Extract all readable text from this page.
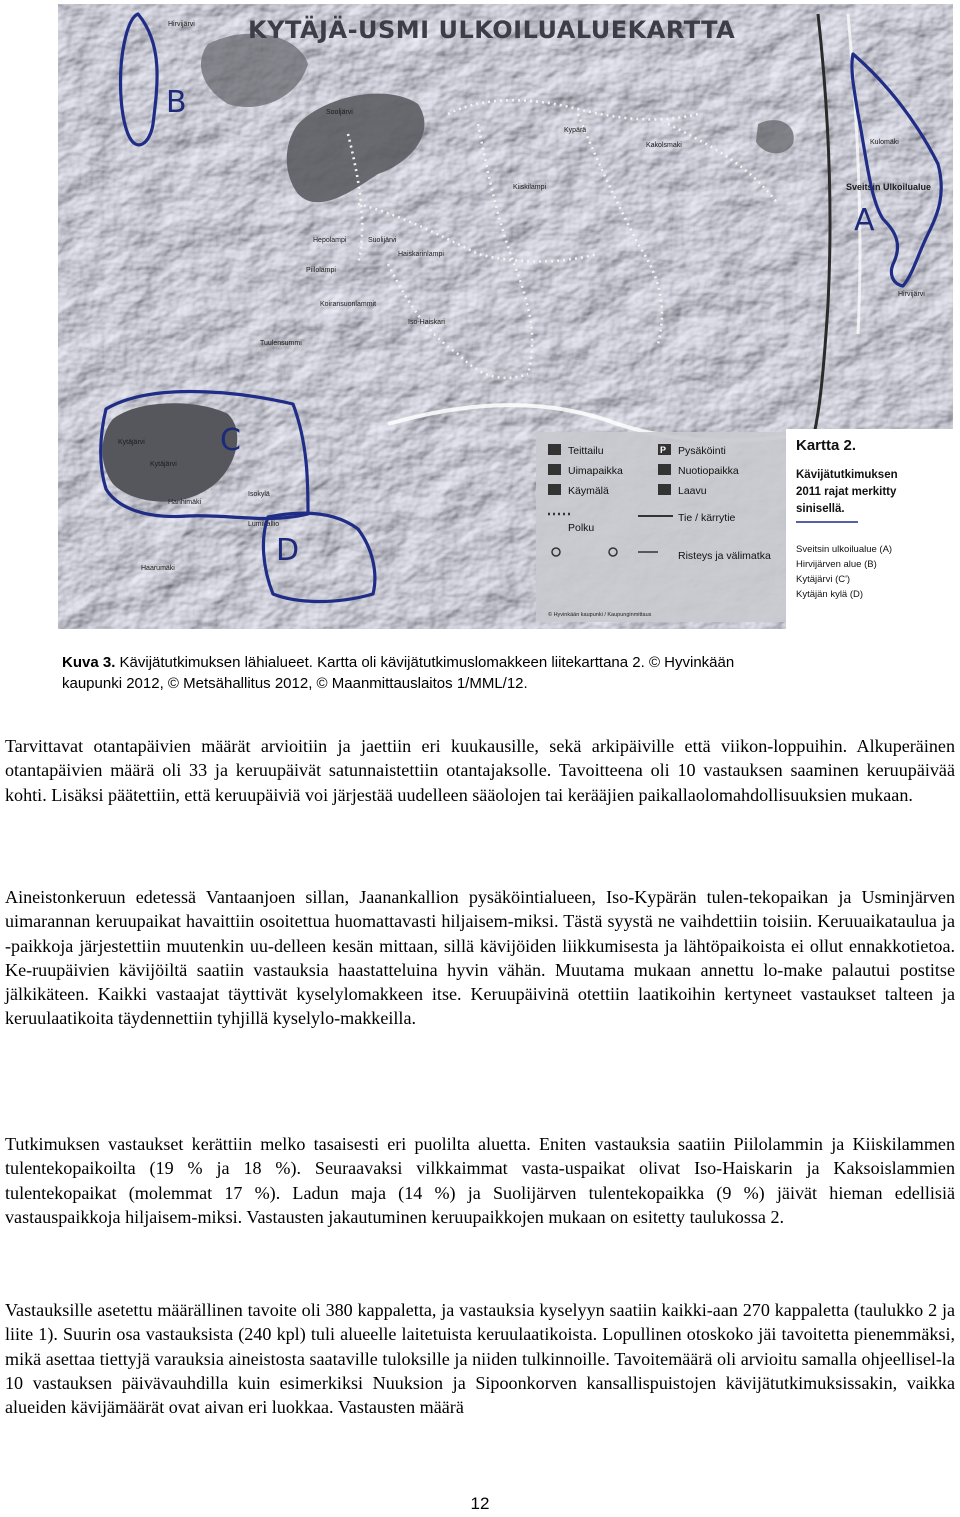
KYTÄJÄ-USMI ULKOILUALUEKARTTA
Hirvijärvi
Sooljärvi
Kytäjärvi
Hirvijärvi
Kulomäki
Suolijärvi
Hepolampi
Haiskarinlampi
Iso-Haiskari
Kiiskilampi
Piilolampi
Koiransuonlammit
Tuulensummi
Kytäjärvi
Isokylä
Hanhimäki
Lumikallio
Haarumäki
Kypärä
Kakolsmaki
Sveitsin Ulkoilualue
B
A
C
D
Teittailu	P Pysäköinti
Uimapaikka	Nuotiopaikka
Käymälä	Laavu
Polku
Tie / kärrytie
Risteys ja välimatka
© Hyvinkään kaupunki / Kaupunginmittaus
Kartta 2.
Kävijätutkimuksen
2011 rajat merkitty
sinisellä.
Sveitsin ulkoilualue (A)
Hirvijärven alue (B)
Kytäjärvi (C')
Kytäjän kylä (D)
Kuva 3. Kävijätutkimuksen lähialueet. Kartta oli kävijätutkimuslomakkeen liitekarttana 2. © Hyvinkään
kaupunki 2012, © Metsähallitus 2012, © Maanmittauslaitos 1/MML/12.

Tarvittavat otantapäivien määrät arvioitiin ja jaettiin eri kuukausille, sekä arkipäiville että viikon-loppuihin. Alkuperäinen otantapäivien määrä oli 33 ja keruupäivät satunnaistettiin otantajaksolle. Tavoitteena oli 10 vastauksen saaminen keruupäivää kohti. Lisäksi päätettiin, että keruupäiviä voi järjestää uudelleen sääolojen tai kerääjien paikallaolomahdollisuuksien mukaan.

Aineistonkeruun edetessä Vantaanjoen sillan, Jaanankallion pysäköintialueen, Iso-Kypärän tulen-tekopaikan ja Usminjärven uimarannan keruupaikat havaittiin osoitettua huomattavasti hiljaisem-miksi. Tästä syystä ne vaihdettiin toisiin. Keruuaikataulua ja -paikkoja järjestettiin muutenkin uu-delleen kesän mittaan, sillä kävijöiden liikkumisesta ja lähtöpaikoista ei ollut ennakkotietoa. Ke-ruupäivien kävijöiltä saatiin vastauksia haastatteluina hyvin vähän. Muutama mukaan annettu lo-make palautui postitse jälkikäteen. Kaikki vastaajat täyttivät kyselylomakkeen itse. Keruupäivinä otettiin laatikoihin kertyneet vastaukset talteen ja keruulaatikoita täydennettiin tyhjillä kyselylo-makkeilla.

Tutkimuksen vastaukset kerättiin melko tasaisesti eri puolilta aluetta. Eniten vastauksia saatiin Piilolammin ja Kiiskilammen tulentekopaikoilta (19 % ja 18 %). Seuraavaksi vilkkaimmat vasta-uspaikat olivat Iso-Haiskarin ja Kaksoislammien tulentekopaikat (molemmat 17 %). Ladun maja (14 %) ja Suolijärven tulentekopaikka (9 %) jäivät hieman edellisiä vastauspaikkoja hiljaisem-miksi. Vastausten jakautuminen keruupaikkojen mukaan on esitetty taulukossa 2.

Vastauksille asetettu määrällinen tavoite oli 380 kappaletta, ja vastauksia kyselyyn saatiin kaikki-aan 270 kappaletta (taulukko 2 ja liite 1). Suurin osa vastauksista (240 kpl) tuli alueelle laitetuista keruulaatikoista. Lopullinen otoskoko jäi tavoitetta pienemmäksi, mikä asettaa tiettyjä varauksia aineistosta saataville tuloksille ja niiden tulkinnoille. Tavoitemäärä oli arvioitu samalla ohjeellisel-la 10 vastauksen päivävauhdilla kuin esimerkiksi Nuuksion ja Sipoonkorven kansallispuistojen kävijätutkimuksissakin, vaikka alueiden kävijämäärät ovat aivan eri luokkaa. Vastausten määrä

12
